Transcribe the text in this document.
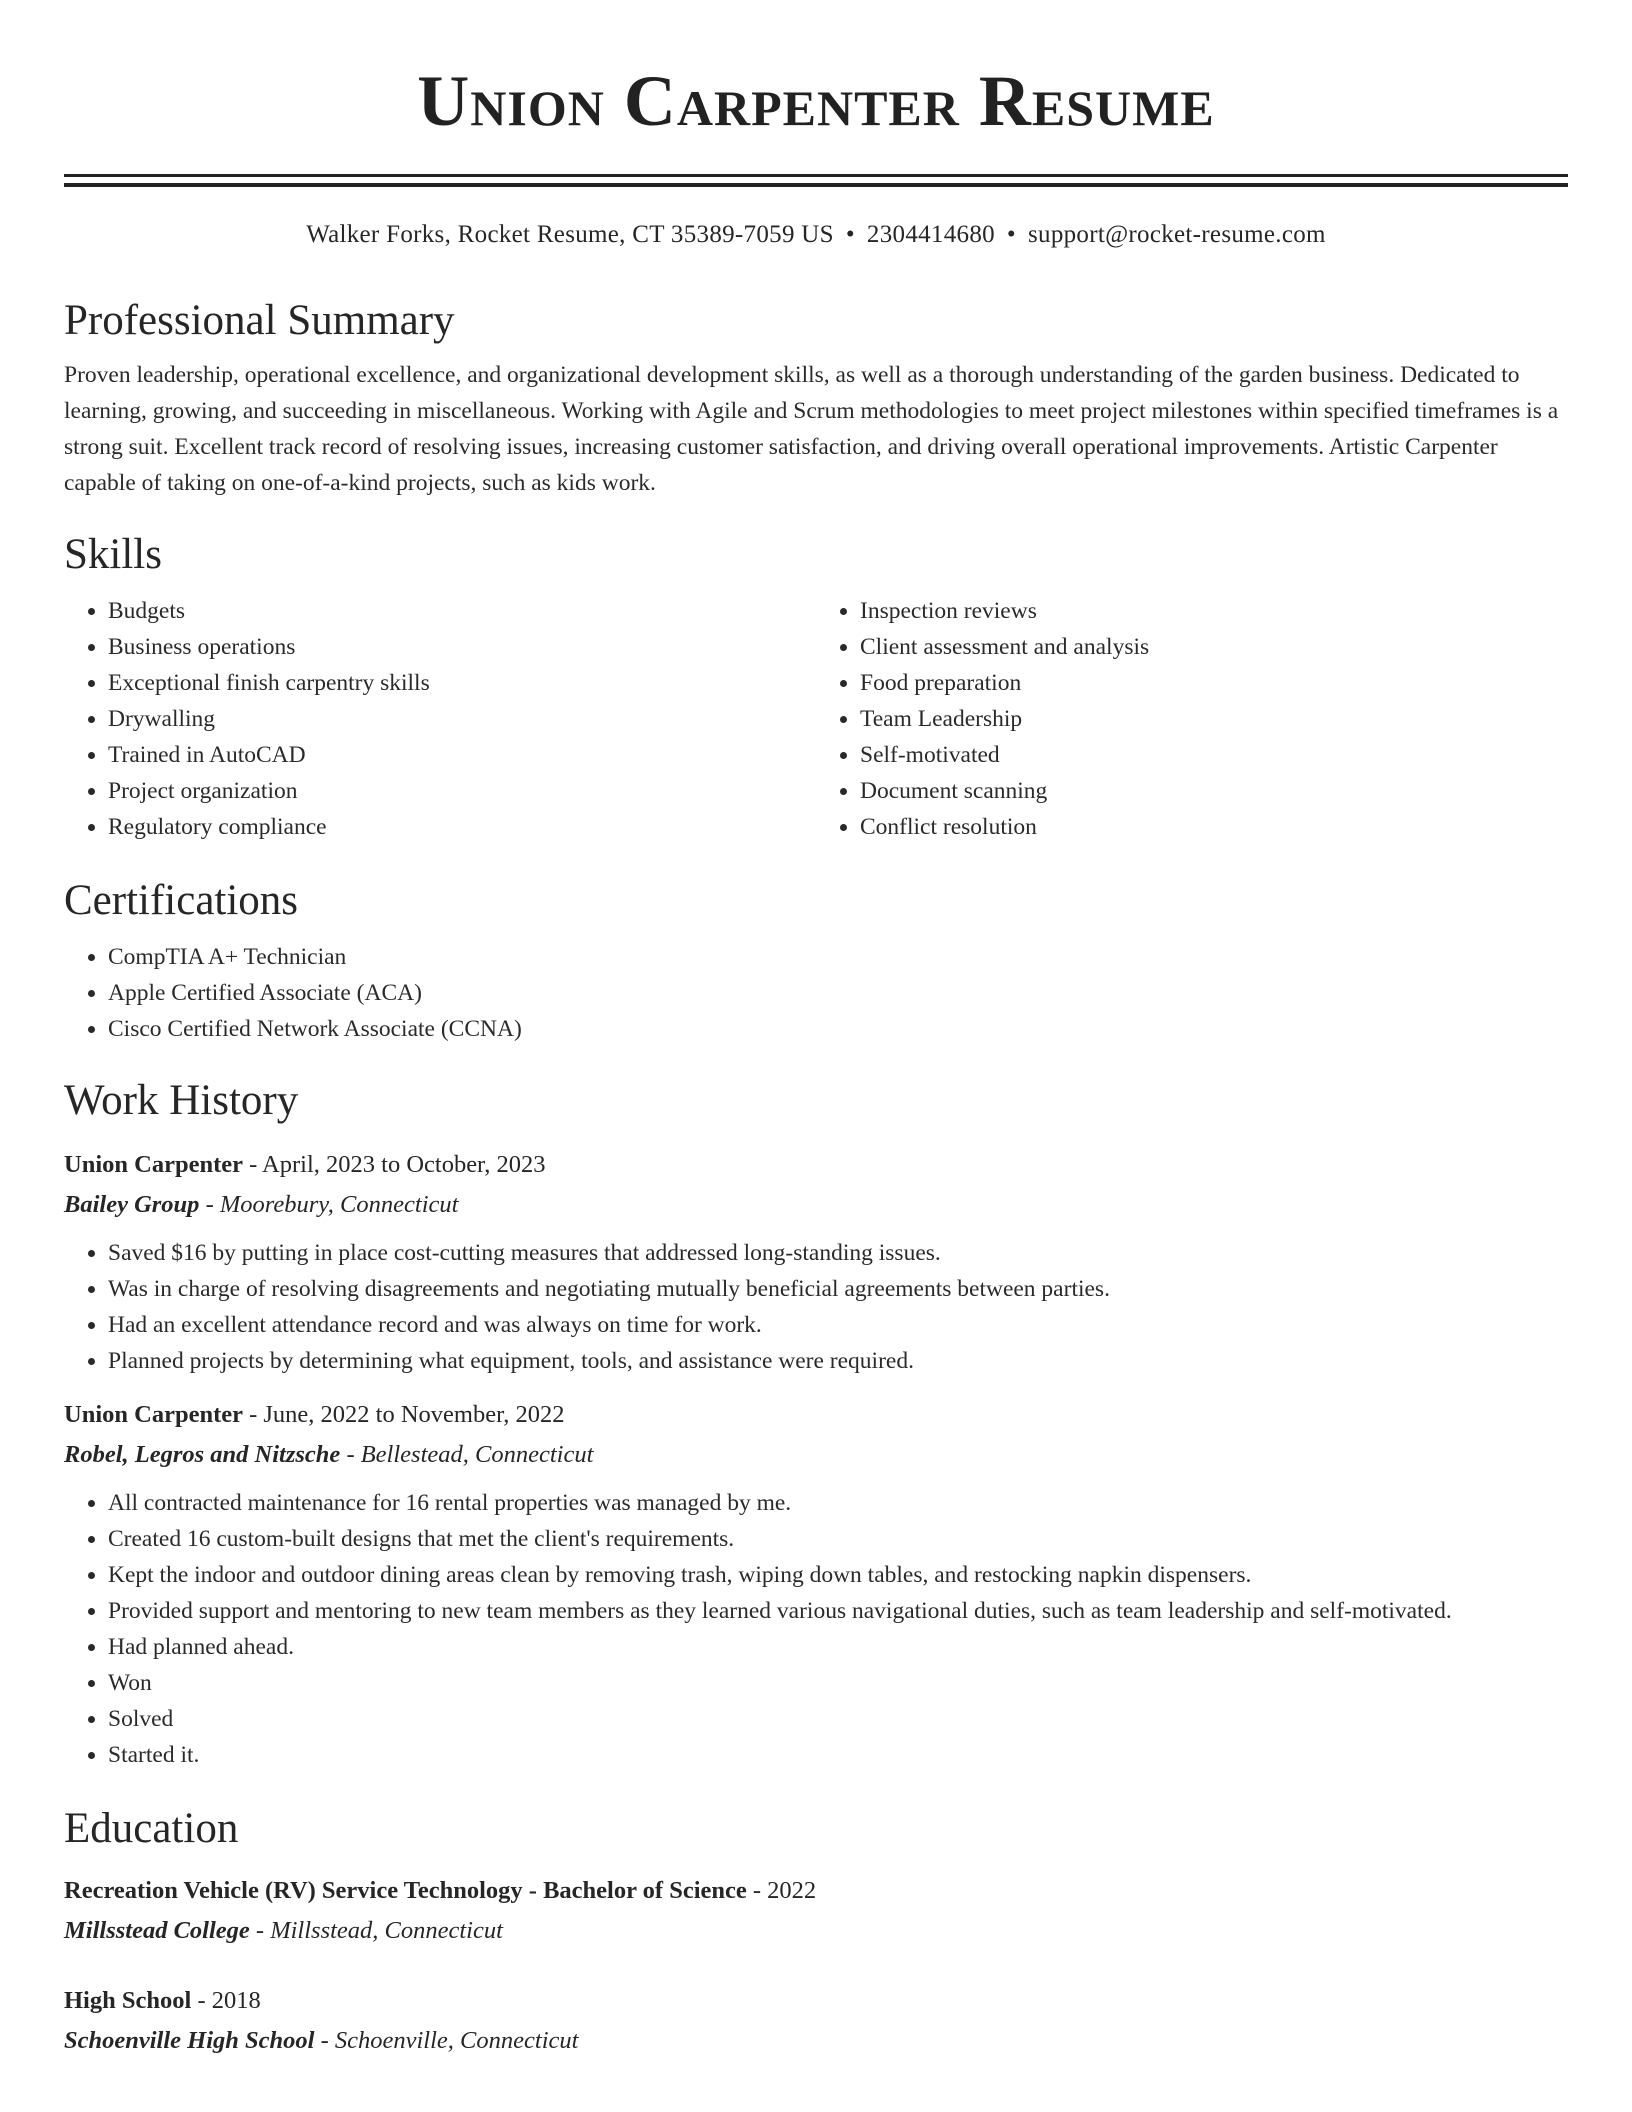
Union Carpenter Resume
Walker Forks, Rocket Resume, CT 35389-7059 US • 2304414680 • support@rocket-resume.com
Professional Summary
Proven leadership, operational excellence, and organizational development skills, as well as a thorough understanding of the garden business. Dedicated to learning, growing, and succeeding in miscellaneous. Working with Agile and Scrum methodologies to meet project milestones within specified timeframes is a strong suit. Excellent track record of resolving issues, increasing customer satisfaction, and driving overall operational improvements. Artistic Carpenter capable of taking on one-of-a-kind projects, such as kids work.
Skills
• Budgets
• Business operations
• Exceptional finish carpentry skills
• Drywalling
• Trained in AutoCAD
• Project organization
• Regulatory compliance
• Inspection reviews
• Client assessment and analysis
• Food preparation
• Team Leadership
• Self-motivated
• Document scanning
• Conflict resolution
Certifications
• CompTIA A+ Technician
• Apple Certified Associate (ACA)
• Cisco Certified Network Associate (CCNA)
Work History
Union Carpenter - April, 2023 to October, 2023
Bailey Group - Moorebury, Connecticut
• Saved $16 by putting in place cost-cutting measures that addressed long-standing issues.
• Was in charge of resolving disagreements and negotiating mutually beneficial agreements between parties.
• Had an excellent attendance record and was always on time for work.
• Planned projects by determining what equipment, tools, and assistance were required.
Union Carpenter - June, 2022 to November, 2022
Robel, Legros and Nitzsche - Bellestead, Connecticut
• All contracted maintenance for 16 rental properties was managed by me.
• Created 16 custom-built designs that met the client's requirements.
• Kept the indoor and outdoor dining areas clean by removing trash, wiping down tables, and restocking napkin dispensers.
• Provided support and mentoring to new team members as they learned various navigational duties, such as team leadership and self-motivated.
• Had planned ahead.
• Won
• Solved
• Started it.
Education
Recreation Vehicle (RV) Service Technology - Bachelor of Science - 2022
Millsstead College - Millsstead, Connecticut
High School - 2018
Schoenville High School - Schoenville, Connecticut
